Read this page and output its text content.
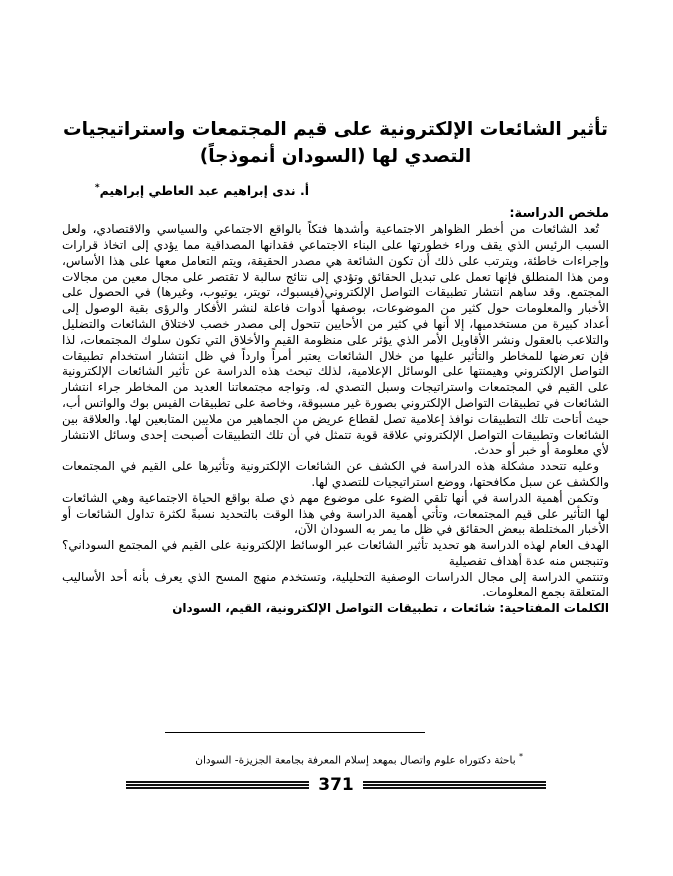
تأثير الشائعات الإلكترونية على قيم المجتمعات واستراتيجيات
التصدي لها (السودان أنموذجاً)
أ. ندى إبراهيم عبد العاطي إبراهيم*
ملخص الدراسة:

تُعد الشائعات من أخطر الظواهر الاجتماعية وأشدها فتكاً بالواقع الاجتماعي والسياسي والاقتصادي، ولعل السبب الرئيس الذي يقف وراء خطورتها على البناء الاجتماعي فقدانها المصداقية مما يؤدي إلى اتخاذ قرارات وإجراءات خاطئة، ويترتب على ذلك أن تكون الشائعة هي مصدر الحقيقة، ويتم التعامل معها على هذا الأساس، ومن هذا المنطلق فإنها تعمل على تبديل الحقائق وتؤدي إلى نتائج سالبة لا تقتصر على مجال معين من مجالات المجتمع. وقد ساهم انتشار تطبيقات التواصل الإلكتروني(فيسبوك، تويتر، يوتيوب، وغيرها) في الحصول على الأخبار والمعلومات حول كثير من الموضوعات، بوصفها أدوات فاعلة لنشر الأفكار والرؤى بقية الوصول إلى أعداد كبيرة من مستخدميها، إلا أنها في كثير من الأحايين تتحول إلى مصدر خصب لاختلاق الشائعات والتضليل والتلاعب بالعقول ونشر الأقاويل الأمر الذي يؤثر على منظومة القيم والأخلاق التي تكون سلوك المجتمعات، لذا فإن تعرضها للمخاطر والتأثير عليها من خلال الشائعات يعتبر أمراً وارداً في ظل انتشار استخدام تطبيقات التواصل الإلكتروني وهيمنتها على الوسائل الإعلامية، لذلك تبحث هذه الدراسة عن تأثير الشائعات الإلكترونية على القيم في المجتمعات واستراتيجات وسبل التصدي له. وتواجه مجتمعاتنا العديد من المخاطر جراء انتشار الشائعات في تطبيقات التواصل الإلكتروني بصورة غير مسبوقة، وخاصة على تطبيقات الفيس بوك والواتس أب، حيث أتاحت تلك التطبيقات نوافذ إعلامية تصل لقطاع عريض من الجماهير من ملايين المتابعين لها. والعلاقة بين الشائعات وتطبيقات التواصل الإلكتروني علاقة قوية تتمثل في أن تلك التطبيقات أصبحت إحدى وسائل الانتشار لأي معلومة أو خبر أو حدث.

وعليه تتحدد مشكلة هذه الدراسة في الكشف عن الشائعات الإلكترونية وتأثيرها على القيم في المجتمعات والكشف عن سبل مكافحتها، ووضع استراتيجيات للتصدي لها.

وتكمن أهمية الدراسة في أنها تلقي الضوء على موضوع مهم ذي صلة بواقع الحياة الاجتماعية وهي الشائعات لها التأثير على قيم المجتمعات، وتأتي أهمية الدراسة وفي هذا الوقت بالتحديد نسبةً لكثرة تداول الشائعات أو الأخبار المختلطة ببعض الحقائق في ظل ما يمر به السودان الآن،

الهدف العام لهذه الدراسة هو تحديد تأثير الشائعات عبر الوسائط الإلكترونية على القيم في المجتمع السوداني؟ وتنبجس منه عدة أهداف تفصيلية

وتنتمي الدراسة إلى مجال الدراسات الوصفية التحليلية، وتستخدم منهج المسح الذي يعرف بأنه أحد الأساليب المتعلقة بجمع المعلومات.

الكلمات المفتاحية: شائعات ، تطبيقات التواصل الإلكترونية، القيم، السودان

* باحثة دكتوراه علوم واتصال بمهعد إسلام المعرفة بجامعة الجزيزة- السودان
371
